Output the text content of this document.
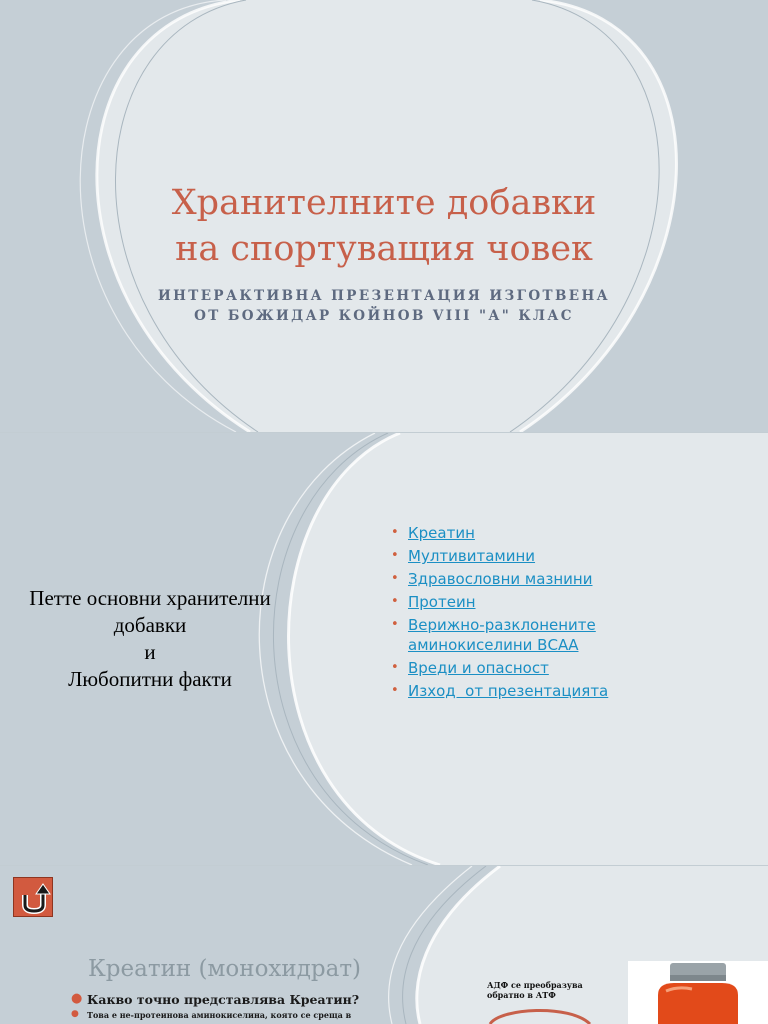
Хранителните добавки
на спортуващия човек
ИНТЕРАКТИВНА ПРЕЗЕНТАЦИЯ ИЗГОТВЕНА
ОТ БОЖИДАР КОЙНОВ VIII "А" КЛАС
Петте основни хранителни
добавки
и
Любопитни факти
• Креатин
• Мултивитамини
• Здравословни мазнини
• Протеин
• Верижно-разклонените аминокиселини ВСАА
• Вреди и опасност
• Изход  от презентацията
Креатин (монохидрат)
● Какво точно представлява Креатин?
● Това е не-протеинова аминокиселина, която се среща в
АДФ се преобразува
обратно в АТФ
